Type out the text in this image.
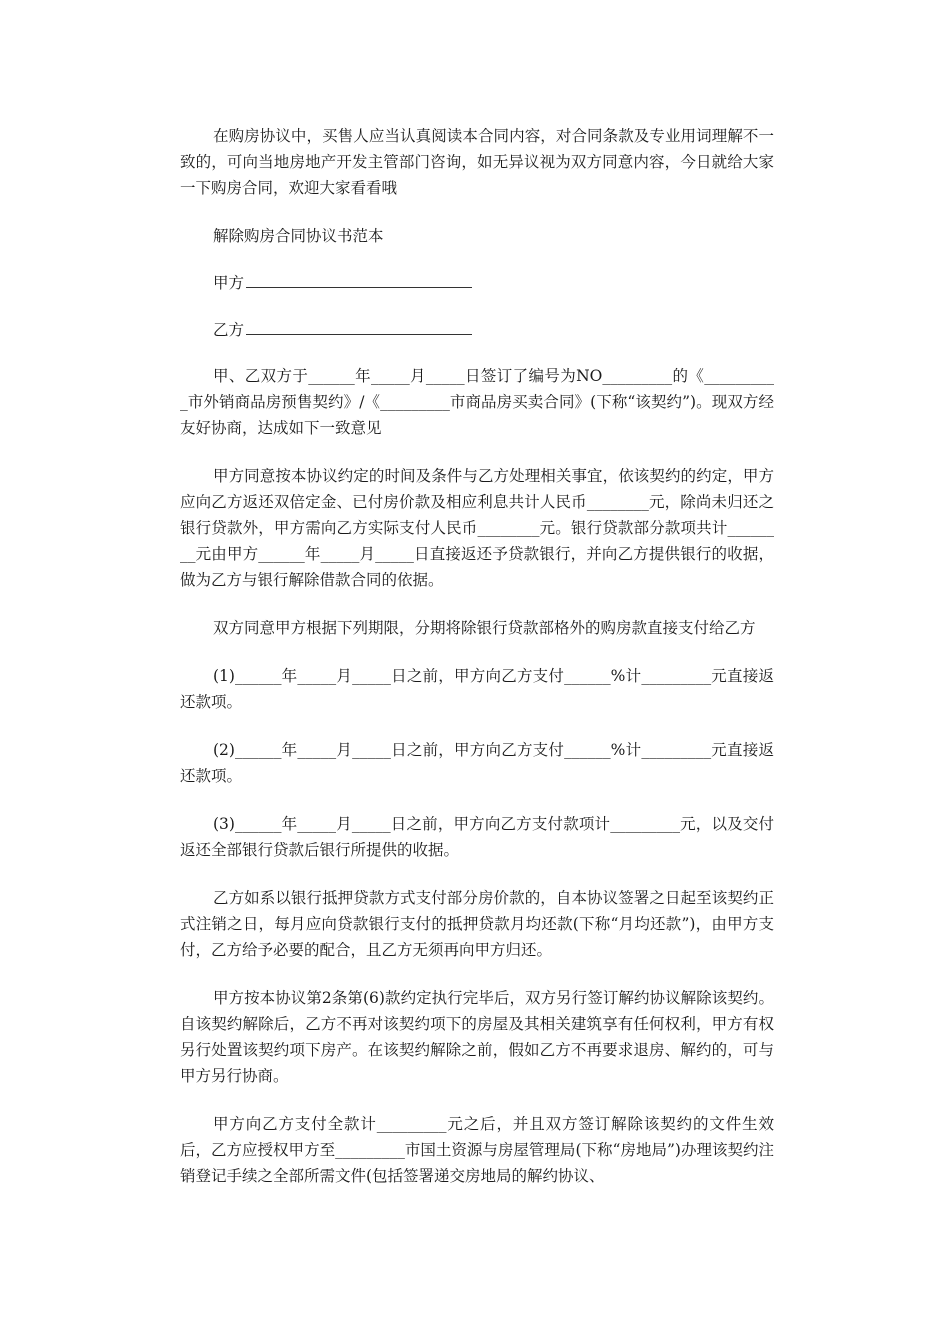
在购房协议中，买售人应当认真阅读本合同内容，对合同条款及专业用词理解不一致的，可向当地房地产开发主管部门咨询，如无异议视为双方同意内容，今日就给大家一下购房合同，欢迎大家看看哦

解除购房合同协议书范本

甲方

乙方

甲、乙双方于______年_____月_____日签订了编号为NO_________的《__________市外销商品房预售契约》/《_________市商品房买卖合同》(下称“该契约”)。现双方经友好协商，达成如下一致意见

甲方同意按本协议约定的时间及条件与乙方处理相关事宜，依该契约的约定，甲方应向乙方返还双倍定金、已付房价款及相应利息共计人民币________元，除尚未归还之银行贷款外，甲方需向乙方实际支付人民币________元。银行贷款部分款项共计________元由甲方______年_____月_____日直接返还予贷款银行，并向乙方提供银行的收据，做为乙方与银行解除借款合同的依据。

双方同意甲方根据下列期限，分期将除银行贷款部格外的购房款直接支付给乙方

(1)______年_____月_____日之前，甲方向乙方支付______%计_________元直接返还款项。

(2)______年_____月_____日之前，甲方向乙方支付______%计_________元直接返还款项。

(3)______年_____月_____日之前，甲方向乙方支付款项计_________元，以及交付返还全部银行贷款后银行所提供的收据。

乙方如系以银行抵押贷款方式支付部分房价款的，自本协议签署之日起至该契约正式注销之日，每月应向贷款银行支付的抵押贷款月均还款(下称“月均还款”)，由甲方支付，乙方给予必要的配合，且乙方无须再向甲方归还。

甲方按本协议第2条第(6)款约定执行完毕后，双方另行签订解约协议解除该契约。自该契约解除后，乙方不再对该契约项下的房屋及其相关建筑享有任何权利，甲方有权另行处置该契约项下房产。在该契约解除之前，假如乙方不再要求退房、解约的，可与甲方另行协商。

甲方向乙方支付全款计_________元之后，并且双方签订解除该契约的文件生效后，乙方应授权甲方至_________市国土资源与房屋管理局(下称“房地局”)办理该契约注销登记手续之全部所需文件(包括签署递交房地局的解约协议、
